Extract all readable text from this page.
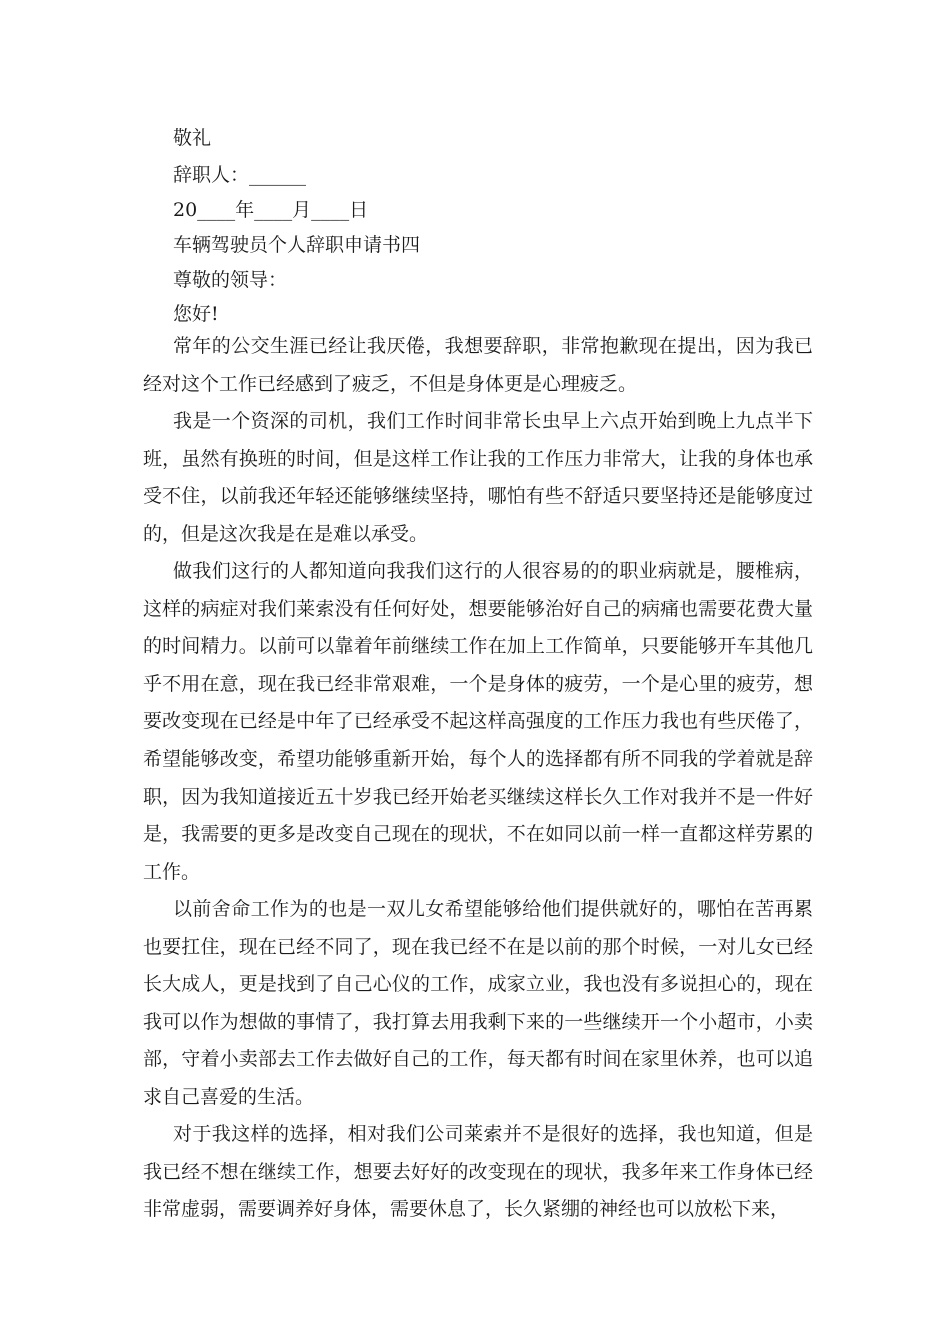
敬礼
辞职人：______
20____年____月____日
车辆驾驶员个人辞职申请书四
尊敬的领导：
您好!

常年的公交生涯已经让我厌倦，我想要辞职，非常抱歉现在提出，因为我已经对这个工作已经感到了疲乏，不但是身体更是心理疲乏。

我是一个资深的司机，我们工作时间非常长虫早上六点开始到晚上九点半下班，虽然有换班的时间，但是这样工作让我的工作压力非常大，让我的身体也承受不住，以前我还年轻还能够继续坚持，哪怕有些不舒适只要坚持还是能够度过的，但是这次我是在是难以承受。

做我们这行的人都知道向我我们这行的人很容易的的职业病就是，腰椎病，这样的病症对我们莱索没有任何好处，想要能够治好自己的病痛也需要花费大量的时间精力。以前可以靠着年前继续工作在加上工作简单，只要能够开车其他几乎不用在意，现在我已经非常艰难，一个是身体的疲劳，一个是心里的疲劳，想要改变现在已经是中年了已经承受不起这样高强度的工作压力我也有些厌倦了，希望能够改变，希望功能够重新开始，每个人的选择都有所不同我的学着就是辞职，因为我知道接近五十岁我已经开始老买继续这样长久工作对我并不是一件好是，我需要的更多是改变自己现在的现状，不在如同以前一样一直都这样劳累的工作。

以前舍命工作为的也是一双儿女希望能够给他们提供就好的，哪怕在苦再累也要扛住，现在已经不同了，现在我已经不在是以前的那个时候，一对儿女已经长大成人，更是找到了自己心仪的工作，成家立业，我也没有多说担心的，现在我可以作为想做的事情了，我打算去用我剩下来的一些继续开一个小超市，小卖部，守着小卖部去工作去做好自己的工作，每天都有时间在家里休养，也可以追求自己喜爱的生活。

对于我这样的选择，相对我们公司莱索并不是很好的选择，我也知道，但是我已经不想在继续工作，想要去好好的改变现在的现状，我多年来工作身体已经非常虚弱，需要调养好身体，需要休息了，长久紧绷的神经也可以放松下来，
